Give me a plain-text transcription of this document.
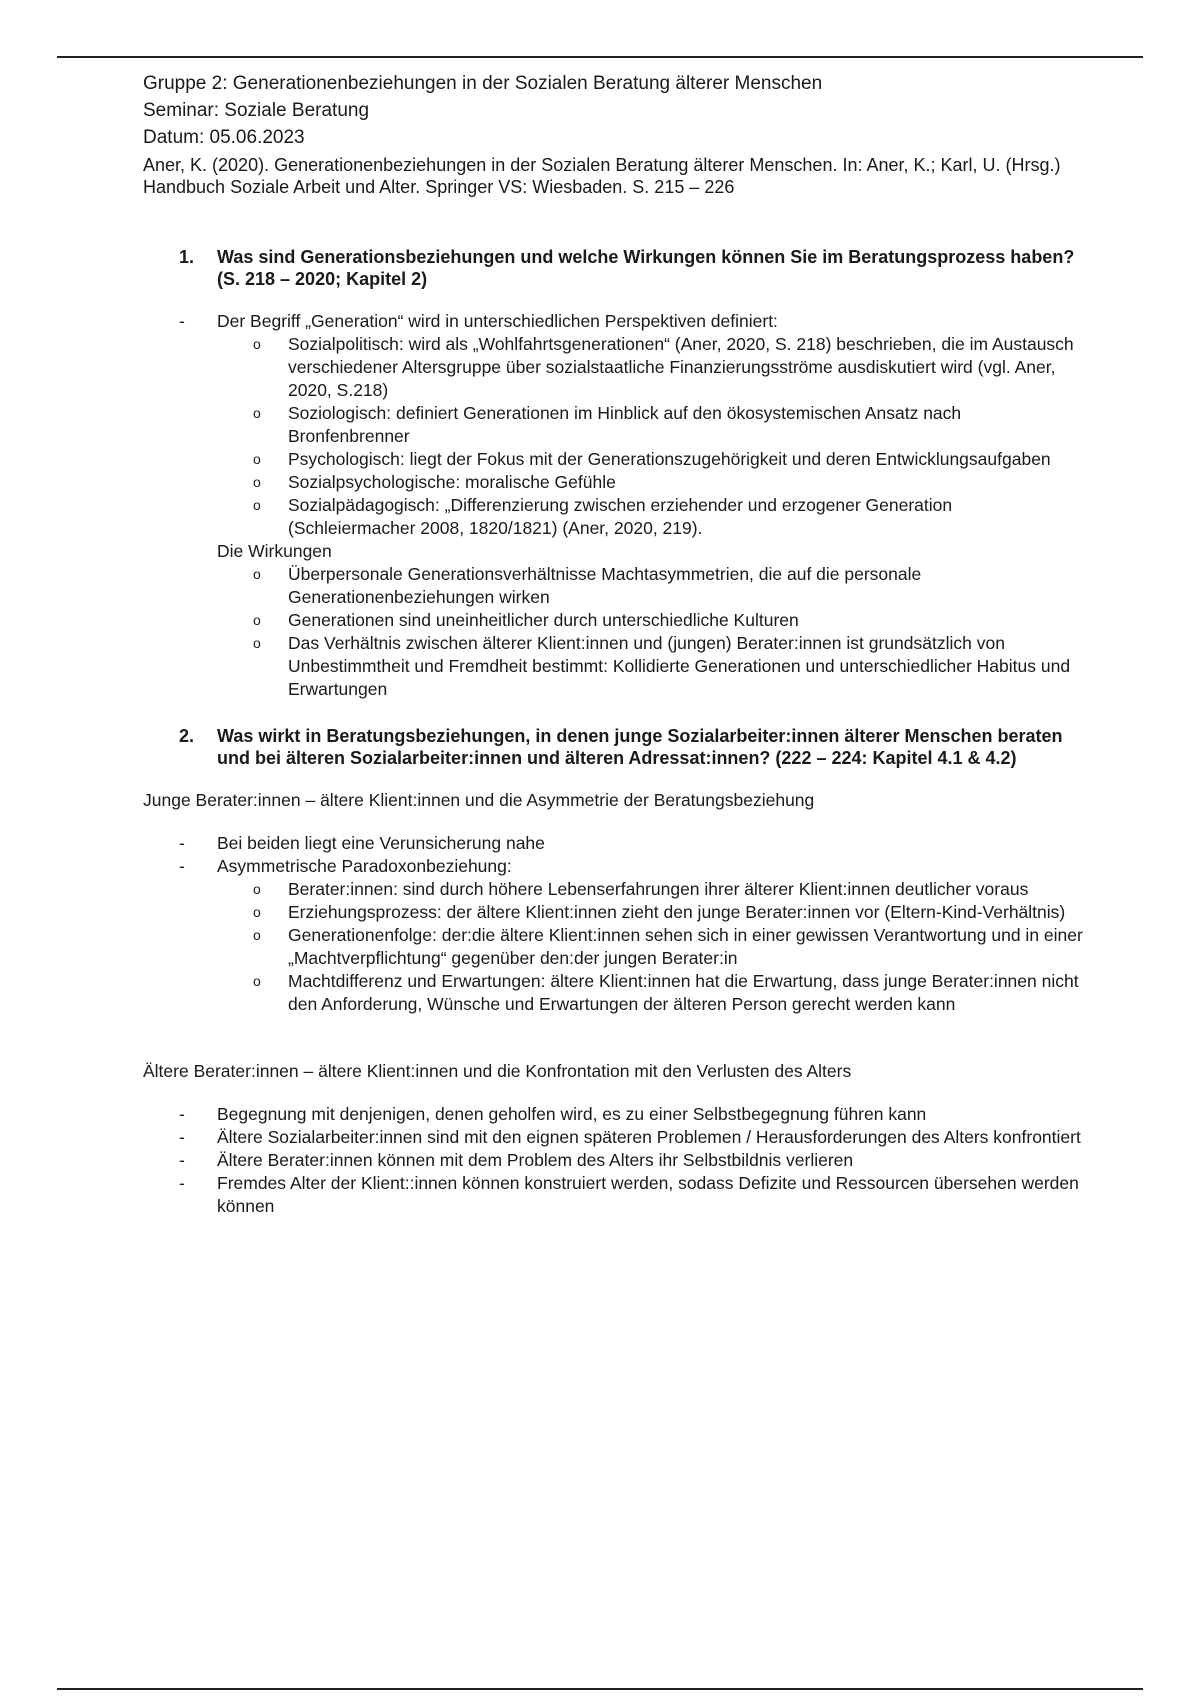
Gruppe 2: Generationenbeziehungen in der Sozialen Beratung älterer Menschen
Seminar: Soziale Beratung
Datum: 05.06.2023
Aner, K. (2020). Generationenbeziehungen in der Sozialen Beratung älterer Menschen. In: Aner, K.; Karl, U. (Hrsg.) Handbuch Soziale Arbeit und Alter. Springer VS: Wiesbaden. S. 215 – 226
1. Was sind Generationsbeziehungen und welche Wirkungen können Sie im Beratungsprozess haben? (S. 218 – 2020; Kapitel 2)
- Der Begriff „Generation“ wird in unterschiedlichen Perspektiven definiert:
o Sozialpolitisch: wird als „Wohlfahrtsgenerationen“ (Aner, 2020, S. 218) beschrieben, die im Austausch verschiedener Altersgruppe über sozialstaatliche Finanzierungsströme ausdiskutiert wird (vgl. Aner, 2020, S.218)
o Soziologisch: definiert Generationen im Hinblick auf den ökosystemischen Ansatz nach Bronfenbrenner
o Psychologisch: liegt der Fokus mit der Generationszugehörigkeit und deren Entwicklungsaufgaben
o Sozialpsychologische: moralische Gefühle
o Sozialpädagogisch: „Differenzierung zwischen erziehender und erzogener Generation (Schleiermacher 2008, 1820/1821) (Aner, 2020, 219).
Die Wirkungen
o Überpersonale Generationsverhältnisse Machtasymmetrien, die auf die personale Generationenbeziehungen wirken
o Generationen sind uneinheitlicher durch unterschiedliche Kulturen
o Das Verhältnis zwischen älterer Klient:innen und (jungen) Berater:innen ist grundsätzlich von Unbestimmtheit und Fremdheit bestimmt: Kollidierte Generationen und unterschiedlicher Habitus und Erwartungen
2. Was wirkt in Beratungsbeziehungen, in denen junge Sozialarbeiter:innen älterer Menschen beraten und bei älteren Sozialarbeiter:innen und älteren Adressat:innen? (222 – 224: Kapitel 4.1 & 4.2)
Junge Berater:innen – ältere Klient:innen und die Asymmetrie der Beratungsbeziehung
- Bei beiden liegt eine Verunsicherung nahe
- Asymmetrische Paradoxonbeziehung:
o Berater:innen: sind durch höhere Lebenserfahrungen ihrer älterer Klient:innen deutlicher voraus
o Erziehungsprozess: der ältere Klient:innen zieht den junge Berater:innen vor (Eltern-Kind-Verhältnis)
o Generationenfolge: der:die ältere Klient:innen sehen sich in einer gewissen Verantwortung und in einer „Machtverpflichtung“ gegenüber den:der jungen Berater:in
o Machtdifferenz und Erwartungen: ältere Klient:innen hat die Erwartung, dass junge Berater:innen nicht den Anforderung, Wünsche und Erwartungen der älteren Person gerecht werden kann
Ältere Berater:innen – ältere Klient:innen und die Konfrontation mit den Verlusten des Alters
- Begegnung mit denjenigen, denen geholfen wird, es zu einer Selbstbegegnung führen kann
- Ältere Sozialarbeiter:innen sind mit den eignen späteren Problemen / Herausforderungen des Alters konfrontiert
- Ältere Berater:innen können mit dem Problem des Alters ihr Selbstbildnis verlieren
- Fremdes Alter der Klient::innen können konstruiert werden, sodass Defizite und Ressourcen übersehen werden können
